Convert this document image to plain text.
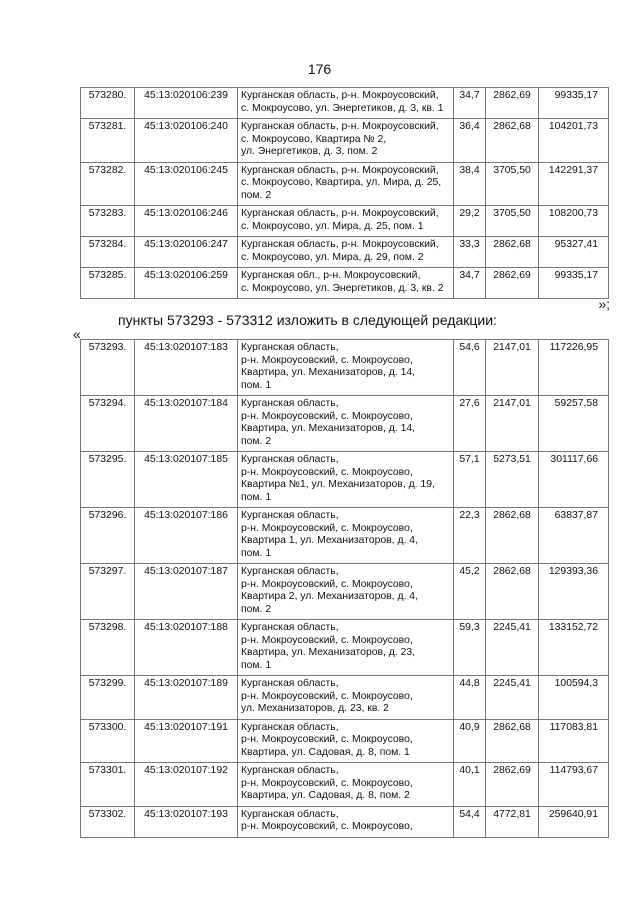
176
573280.	45:13:020106:239	Курганская область, р-н. Мокроусовский,
с. Мокроусово, ул. Энергетиков, д. 3, кв. 1	34,7	2862,69	99335,17
573281.	45:13:020106:240	Курганская область, р-н. Мокроусовский,
с. Мокроусово, Квартира № 2,
ул. Энергетиков, д. 3, пом. 2	36,4	2862,68	104201,73
573282.	45:13:020106:245	Курганская область, р-н. Мокроусовский,
с. Мокроусово, Квартира, ул. Мира, д. 25,
пом. 2	38,4	3705,50	142291,37
573283.	45:13:020106:246	Курганская область, р-н. Мокроусовский,
с. Мокроусово, ул. Мира, д. 25, пом. 1	29,2	3705,50	108200,73
573284.	45:13:020106:247	Курганская область, р-н. Мокроусовский,
с. Мокроусово, ул. Мира, д. 29, пом. 2	33,3	2862,68	95327,41
573285.	45:13:020106:259	Курганская обл., р-н. Мокроусовский,
с. Мокроусово, ул. Энергетиков, д. 3, кв. 2	34,7	2862,69	99335,17
»;
пункты 573293 - 573312 изложить в следующей редакции:
«
573293.	45:13:020107:183	Курганская область,
р-н. Мокроусовский, с. Мокроусово,
Квартира, ул. Механизаторов, д. 14,
пом. 1	54,6	2147,01	117226,95
573294.	45:13:020107:184	Курганская область,
р-н. Мокроусовский, с. Мокроусово,
Квартира, ул. Механизаторов, д. 14,
пом. 2	27,6	2147,01	59257,58
573295.	45:13:020107:185	Курганская область,
р-н. Мокроусовский, с. Мокроусово,
Квартира №1, ул. Механизаторов, д. 19,
пом. 1	57,1	5273,51	301117,66
573296.	45:13:020107:186	Курганская область,
р-н. Мокроусовский, с. Мокроусово,
Квартира 1, ул. Механизаторов, д. 4,
пом. 1	22,3	2862,68	63837,87
573297.	45:13:020107:187	Курганская область,
р-н. Мокроусовский, с. Мокроусово,
Квартира 2, ул. Механизаторов, д. 4,
пом. 2	45,2	2862,68	129393,36
573298.	45:13:020107:188	Курганская область,
р-н. Мокроусовский, с. Мокроусово,
Квартира, ул. Механизаторов, д. 23,
пом. 1	59,3	2245,41	133152,72
573299.	45:13:020107:189	Курганская область,
р-н. Мокроусовский, с. Мокроусово,
ул. Механизаторов, д. 23, кв. 2	44,8	2245,41	100594,3
573300.	45:13:020107:191	Курганская область,
р-н. Мокроусовский, с. Мокроусово,
Квартира, ул. Садовая, д. 8, пом. 1	40,9	2862,68	117083,81
573301.	45:13:020107:192	Курганская область,
р-н. Мокроусовский, с. Мокроусово,
Квартира, ул. Садовая, д. 8, пом. 2	40,1	2862,69	114793,67
573302.	45:13:020107:193	Курганская область,
р-н. Мокроусовский, с. Мокроусово,	54,4	4772,81	259640,91
